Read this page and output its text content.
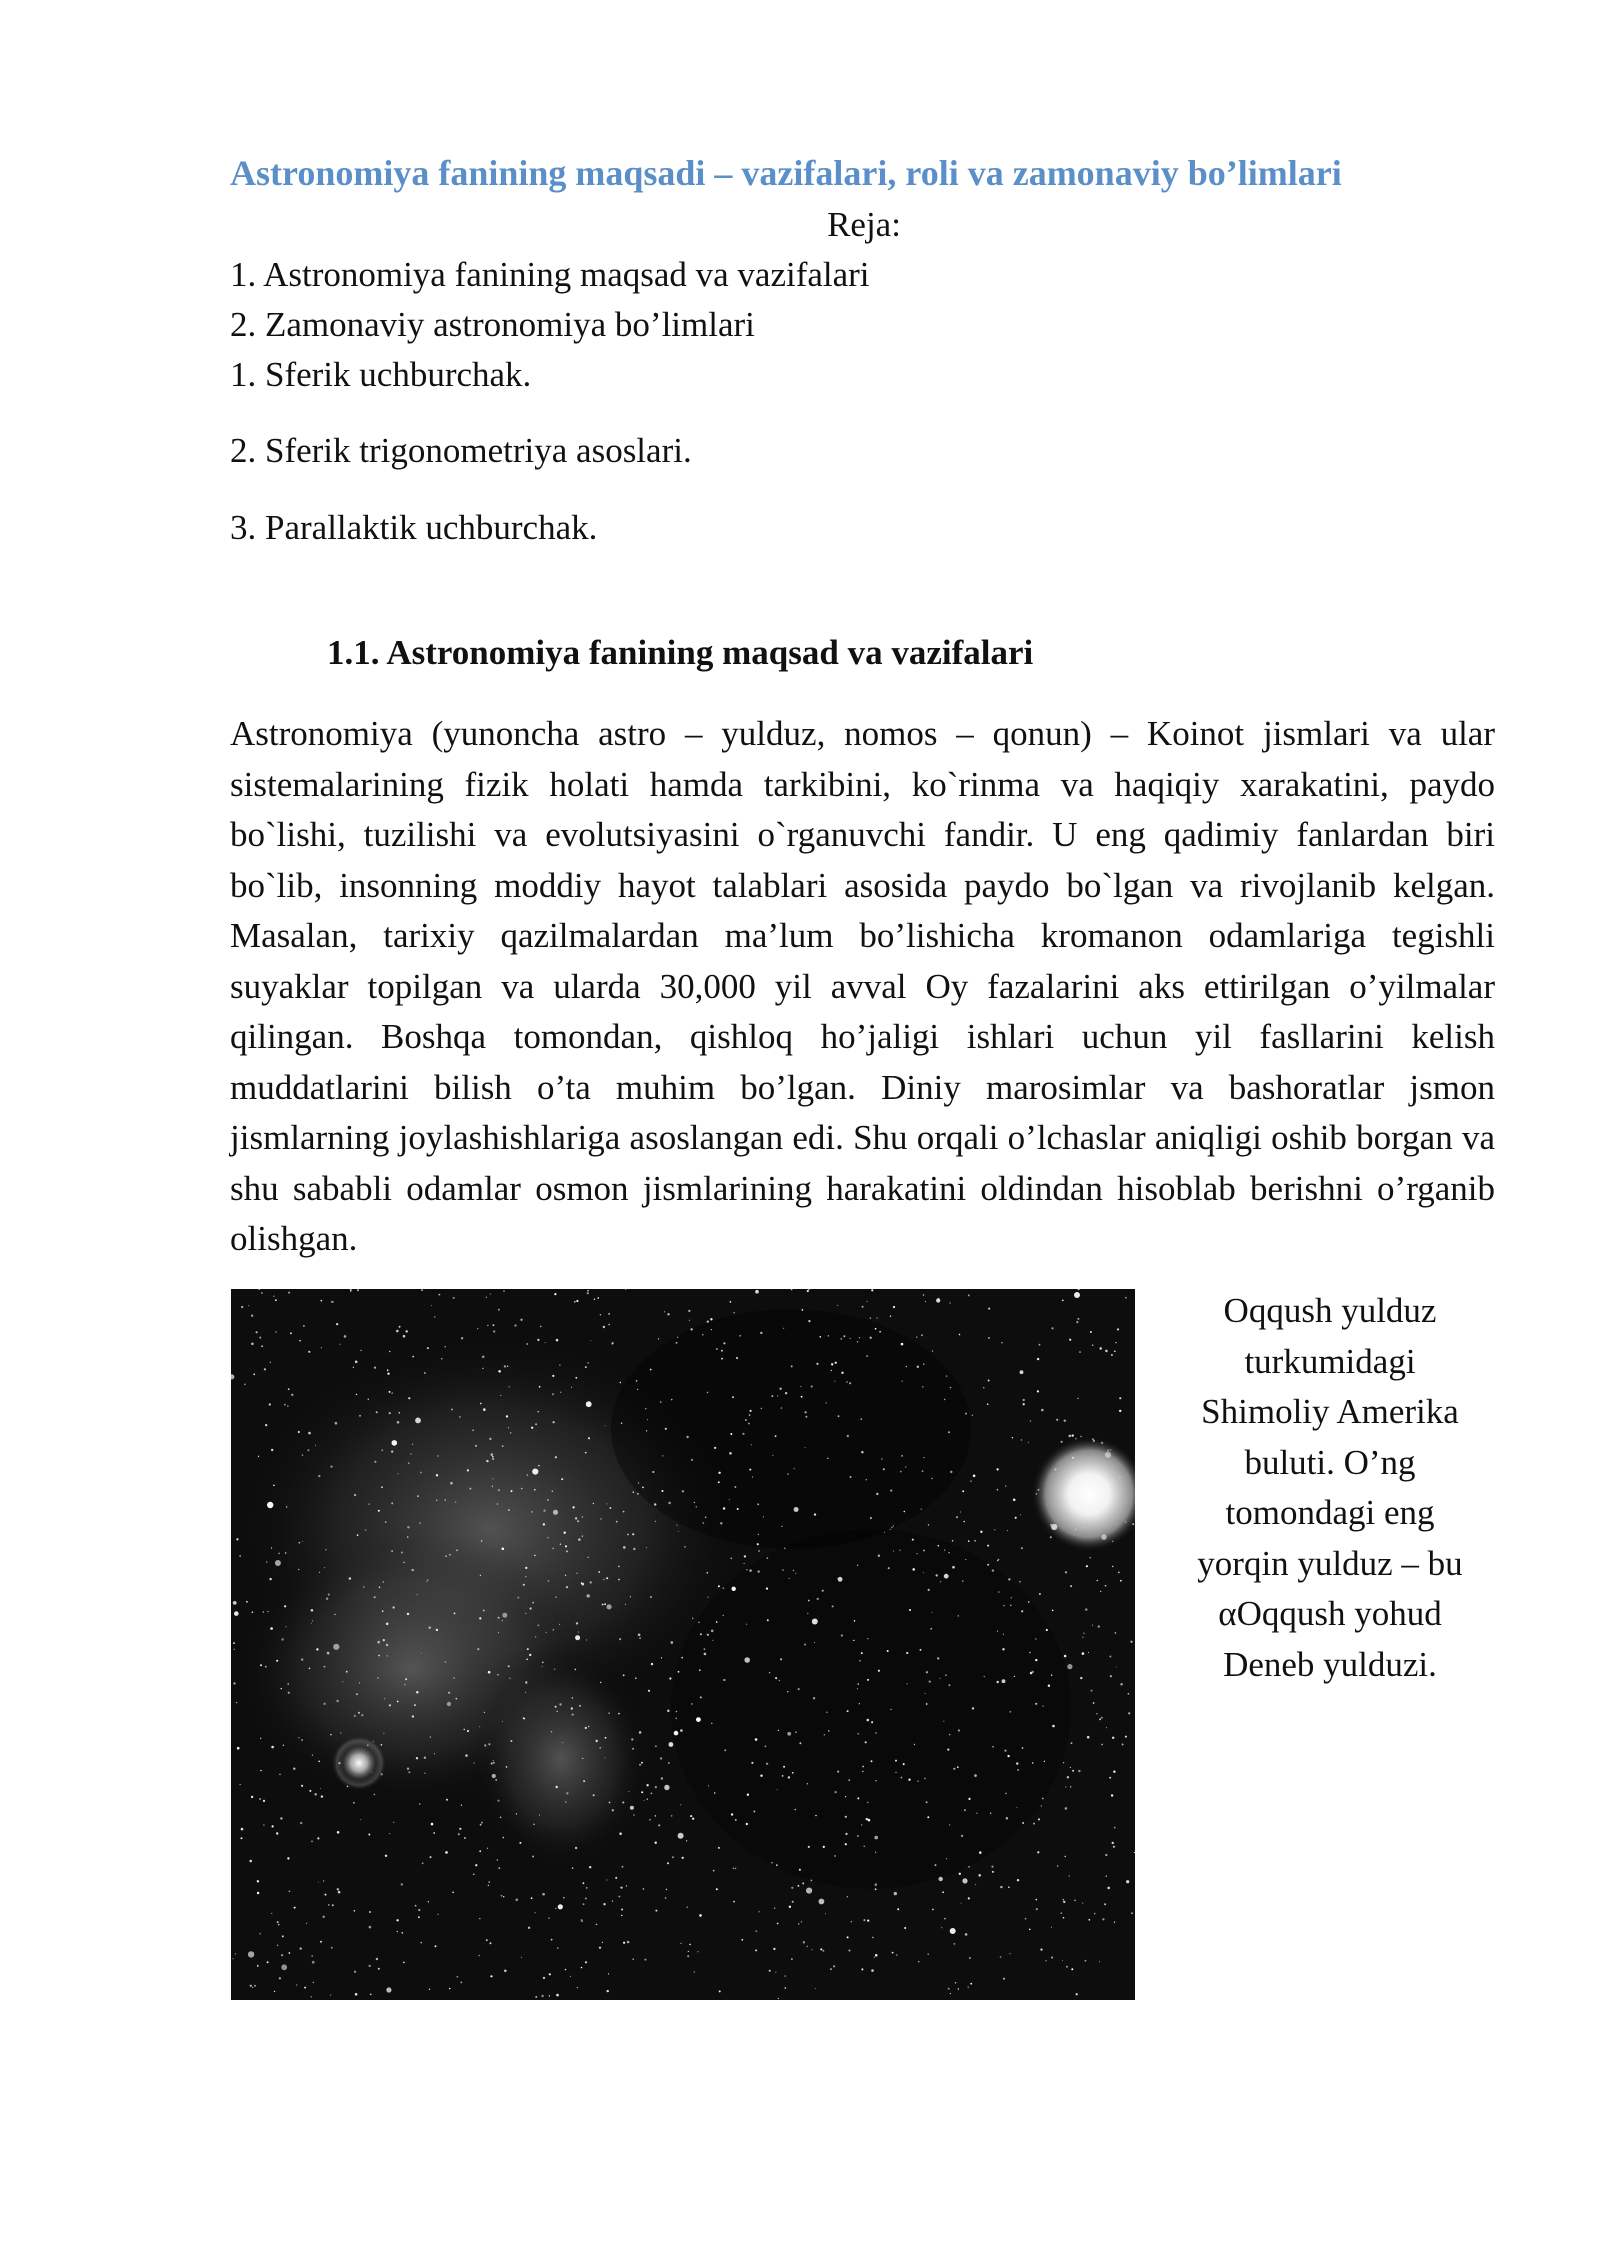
Astronomiya fanining maqsadi – vazifalari, roli va zamonaviy bo’limlari
Reja:
1. Astronomiya fanining maqsad va vazifalari
2. Zamonaviy astronomiya bo’limlari
1. Sferik uchburchak.
2. Sferik trigonometriya asoslari.
3. Parallaktik uchburchak.
1.1. Astronomiya fanining maqsad va vazifalari

Astronomiya (yunoncha astro – yulduz, nomos – qonun) – Koinot jismlari va ular sistemalarining fizik holati hamda tarkibini, ko`rinma va haqiqiy xarakatini, paydo bo`lishi, tuzilishi va evolutsiyasini o`rganuvchi fandir. U eng qadimiy fanlardan biri bo`lib, insonning moddiy hayot talablari asosida paydo bo`lgan va rivojlanib kelgan. Masalan, tarixiy qazilmalardan ma’lum bo’lishicha kromanon odamlariga tegishli suyaklar topilgan va ularda 30,000 yil avval Oy fazalarini aks ettirilgan o’yilmalar qilingan. Boshqa tomondan, qishloq ho’jaligi ishlari uchun yil fasllarini kelish muddatlarini bilish o’ta muhim bo’lgan. Diniy marosimlar va bashoratlar jsmon jismlarning joylashishlariga asoslangan edi. Shu orqali o’lchaslar aniqligi oshib borgan va shu sababli odamlar osmon jismlarining harakatini oldindan hisoblab berishni o’rganib olishgan.

Oqqush yulduz
turkumidagi
Shimoliy Amerika
buluti. O’ng
tomondagi eng
yorqin yulduz – bu
αOqqush yohud
Deneb yulduzi.
